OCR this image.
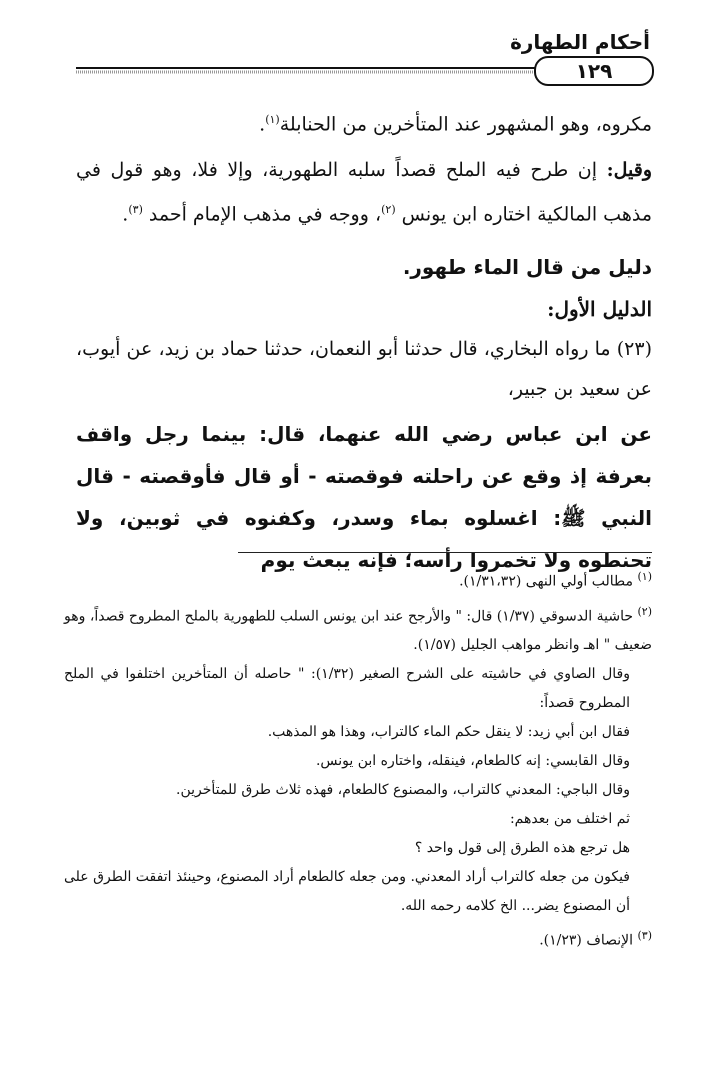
أحكام الطهارة
١٢٩

مكروه، وهو المشهور عند المتأخرين من الحنابلة$^{(١)}$.

وقيل: إن طرح فيه الملح قصداً سلبه الطهورية، وإلا فلا، وهو قول في مذهب المالكية اختاره ابن يونس $^{(٢)}$، ووجه في مذهب الإمام أحمد $^{(٣)}$.

دليل من قال الماء طهور.
الدليل الأول:

(٢٣) ما رواه البخاري، قال حدثنا أبو النعمان، حدثنا حماد بن زيد، عن أيوب، عن سعيد بن جبير،

عن ابن عباس رضي الله عنهما، قال: بينما رجل واقف بعرفة إذ وقع عن راحلته فوقصته - أو قال فأوقصته - قال النبي ﷺ: اغسلوه بماء وسدر، وكفنوه في ثوبين، ولا تحنطوه ولا تخمروا رأسه؛ فإنه يبعث يوم

$^{(١)}$ مطالب أولي النهى (١/٣١،٣٢).

$^{(٢)}$ حاشية الدسوقي (١/٣٧) قال: " والأرجح عند ابن يونس السلب للطهورية بالملح المطروح قصداً، وهو ضعيف " اهـ وانظر مواهب الجليل (١/٥٧).

وقال الصاوي في حاشيته على الشرح الصغير (١/٣٢): " حاصله أن المتأخرين اختلفوا في الملح المطروح قصداً:

فقال ابن أبي زيد: لا ينقل حكم الماء كالتراب، وهذا هو المذهب.

وقال القابسي: إنه كالطعام، فينقله، واختاره ابن يونس.

وقال الباجي: المعدني كالتراب، والمصنوع كالطعام، فهذه ثلاث طرق للمتأخرين.

ثم اختلف من بعدهم:

هل ترجع هذه الطرق إلى قول واحد ؟

فيكون من جعله كالتراب أراد المعدني. ومن جعله كالطعام أراد المصنوع، وحينئذ اتفقت الطرق على أن المصنوع يضر... الخ كلامه رحمه الله.

$^{(٣)}$ الإنصاف (١/٢٣).
